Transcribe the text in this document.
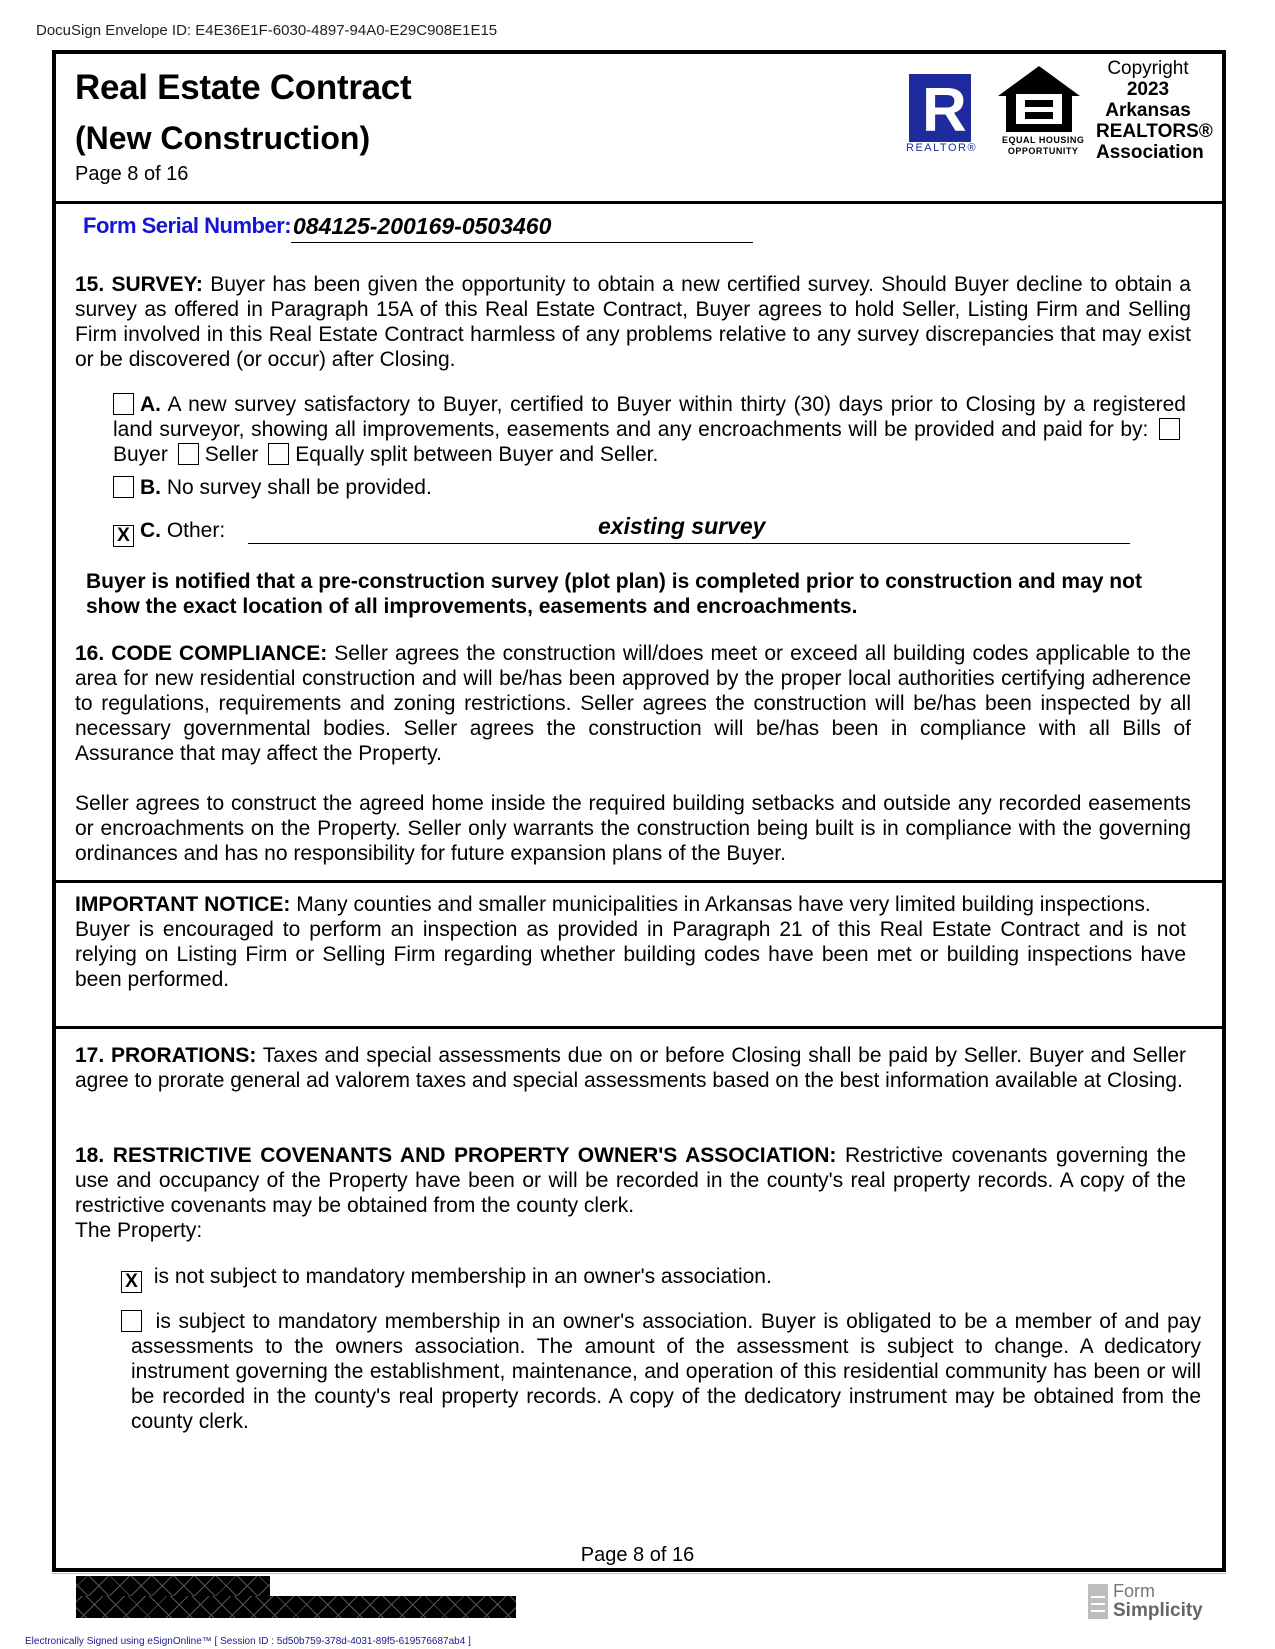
DocuSign Envelope ID: E4E36E1F-6030-4897-94A0-E29C908E1E15
Real Estate Contract
(New Construction)
Page 8 of 16
R
REALTOR®
EQUAL HOUSING
OPPORTUNITY
Copyright
2023
Arkansas
REALTORS®
Association
Form Serial Number: 084125-200169-0503460
15. SURVEY: Buyer has been given the opportunity to obtain a new certified survey. Should Buyer decline to obtain a survey as offered in Paragraph 15A of this Real Estate Contract, Buyer agrees to hold Seller, Listing Firm and Selling Firm involved in this Real Estate Contract harmless of any problems relative to any survey discrepancies that may exist or be discovered (or occur) after Closing.
A. A new survey satisfactory to Buyer, certified to Buyer within thirty (30) days prior to Closing by a registered land surveyor, showing all improvements, easements and any encroachments will be provided and paid for by: Buyer Seller Equally split between Buyer and Seller.
B. No survey shall be provided.
X C. Other:	existing survey
Buyer is notified that a pre-construction survey (plot plan) is completed prior to construction and may not show the exact location of all improvements, easements and encroachments.
16. CODE COMPLIANCE: Seller agrees the construction will/does meet or exceed all building codes applicable to the area for new residential construction and will be/has been approved by the proper local authorities certifying adherence to regulations, requirements and zoning restrictions. Seller agrees the construction will be/has been inspected by all necessary governmental bodies. Seller agrees the construction will be/has been in compliance with all Bills of Assurance that may affect the Property.
Seller agrees to construct the agreed home inside the required building setbacks and outside any recorded easements or encroachments on the Property. Seller only warrants the construction being built is in compliance with the governing ordinances and has no responsibility for future expansion plans of the Buyer.
IMPORTANT NOTICE: Many counties and smaller municipalities in Arkansas have very limited building inspections.
Buyer is encouraged to perform an inspection as provided in Paragraph 21 of this Real Estate Contract and is not relying on Listing Firm or Selling Firm regarding whether building codes have been met or building inspections have been performed.
17. PRORATIONS: Taxes and special assessments due on or before Closing shall be paid by Seller. Buyer and Seller agree to prorate general ad valorem taxes and special assessments based on the best information available at Closing.
18. RESTRICTIVE COVENANTS AND PROPERTY OWNER'S ASSOCIATION: Restrictive covenants governing the use and occupancy of the Property have been or will be recorded in the county's real property records. A copy of the restrictive covenants may be obtained from the county clerk.
The Property:
X is not subject to mandatory membership in an owner's association.
is subject to mandatory membership in an owner's association. Buyer is obligated to be a member of and pay assessments to the owners association. The amount of the assessment is subject to change. A dedicatory instrument governing the establishment, maintenance, and operation of this residential community has been or will be recorded in the county's real property records. A copy of the dedicatory instrument may be obtained from the county clerk.
Page 8 of 16
Electronically Signed using eSignOnline™ [ Session ID : 5d50b759-378d-4031-89f5-619576687ab4 ]
Form
Simplicity
